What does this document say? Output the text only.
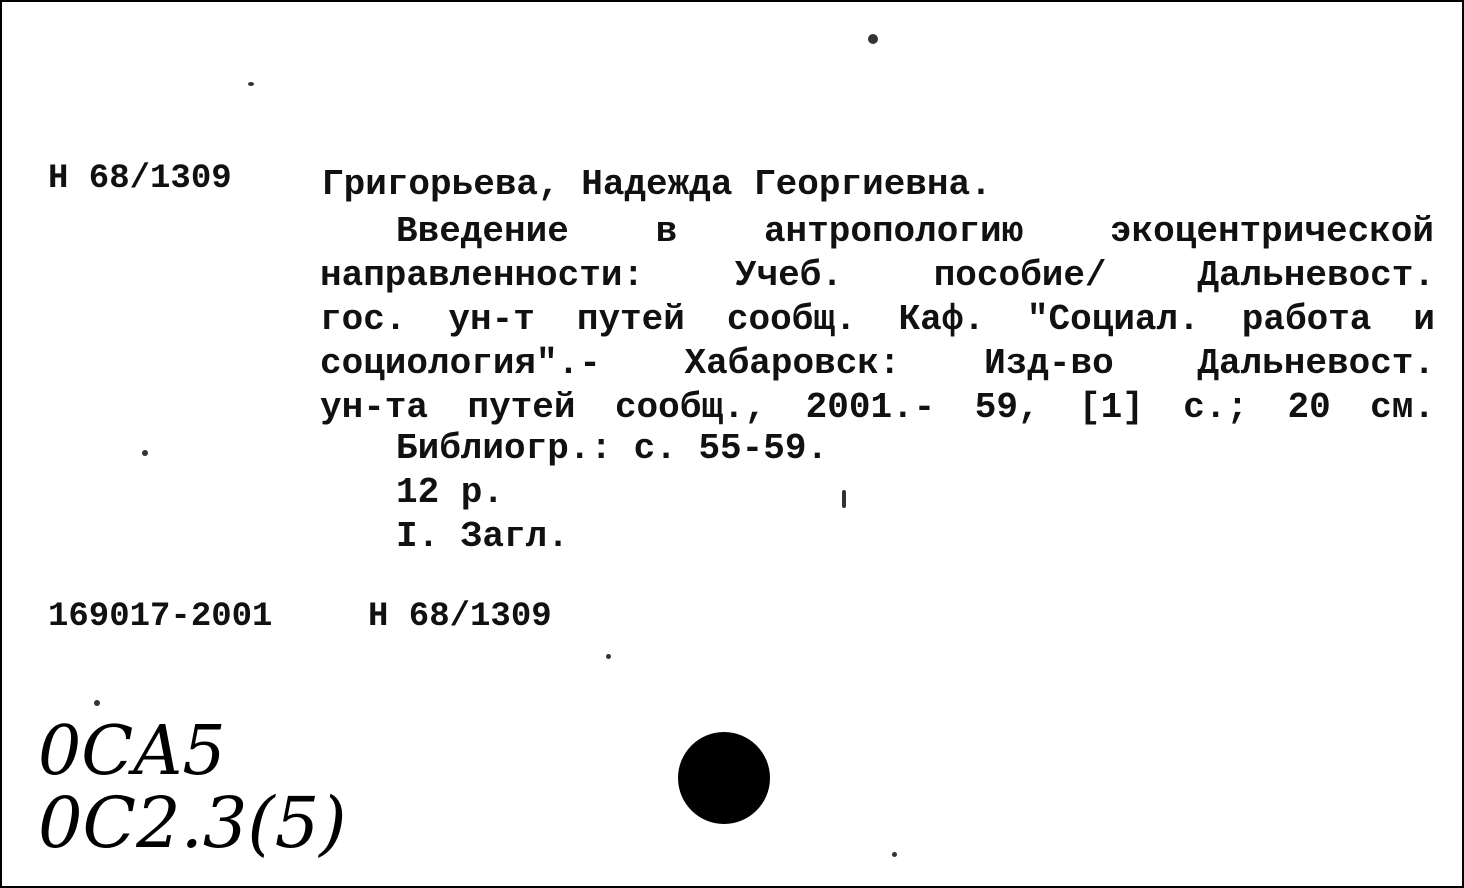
Н 68/1309	Григорьева, Надежда Георгиевна.
Введение в антропологию экоцентрической
направленности: Учеб. пособие/ Дальневост.
гос. ун-т путей сообщ. Каф. "Социал. работа и
социология".- Хабаровск: Изд-во Дальневост.
ун-та путей сообщ., 2001.- 59, [1] с.; 20 см.
Библиогр.: с. 55-59.
12 р.
I. Загл.
169017-2001	Н 68/1309
0CA5
0C2.3(5)
